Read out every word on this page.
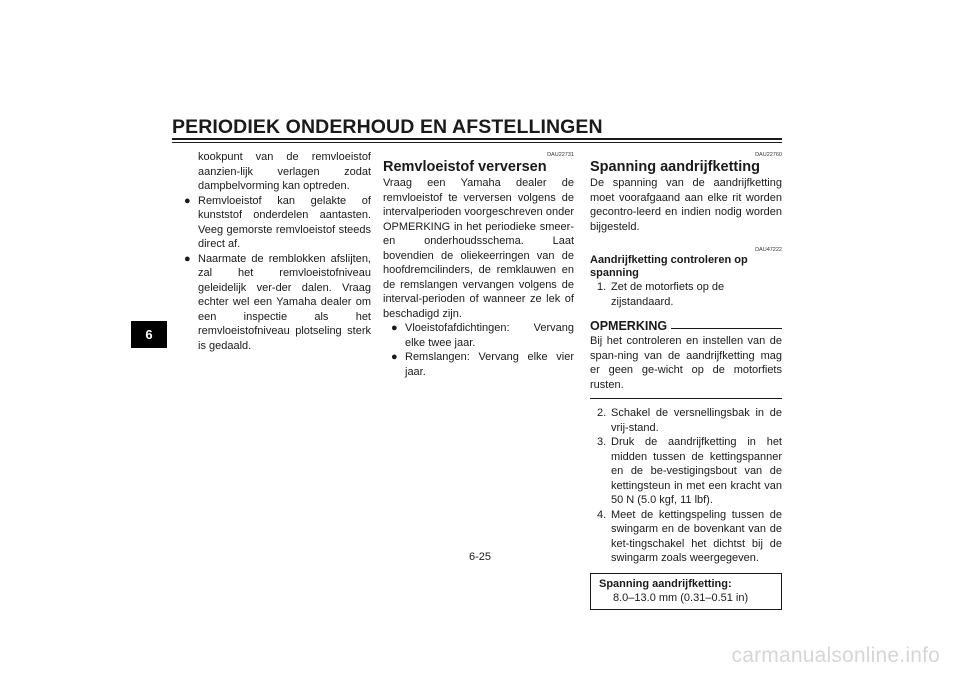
PERIODIEK ONDERHOUD EN AFSTELLINGEN
6
kookpunt van de remvloeistof aanzien-lijk verlagen zodat dampbelvorming kan optreden.
● Remvloeistof kan gelakte of kunststof onderdelen aantasten. Veeg gemorste remvloeistof steeds direct af.
● Naarmate de remblokken afslijten, zal het remvloeistofniveau geleidelijk ver-der dalen. Vraag echter wel een Yamaha dealer om een inspectie als het remvloeistofniveau plotseling sterk is gedaald.
DAU22731
Remvloeistof verversen
Vraag een Yamaha dealer de remvloeistof te verversen volgens de intervalperioden voorgeschreven onder OPMERKING in het periodieke smeer- en onderhoudsschema. Laat bovendien de oliekeerringen van de hoofdremcilinders, de remklauwen en de remslangen vervangen volgens de interval-perioden of wanneer ze lek of beschadigd zijn.
● Vloeistofafdichtingen: Vervang elke twee jaar.
● Remslangen: Vervang elke vier jaar.
DAU22760
Spanning aandrijfketting
De spanning van de aandrijfketting moet voorafgaand aan elke rit worden gecontro-leerd en indien nodig worden bijgesteld.
DAU47222
Aandrijfketting controleren op spanning
1. Zet de motorfiets op de zijstandaard.
OPMERKING
Bij het controleren en instellen van de span-ning van de aandrijfketting mag er geen ge-wicht op de motorfiets rusten.
2. Schakel de versnellingsbak in de vrij-stand.
3. Druk de aandrijfketting in het midden tussen de kettingspanner en de be-vestigingsbout van de kettingsteun in met een kracht van 50 N (5.0 kgf, 11 lbf).
4. Meet de kettingspeling tussen de swingarm en de bovenkant van de ket-tingschakel het dichtst bij de swingarm zoals weergegeven.
Spanning aandrijfketting:
8.0–13.0 mm (0.31–0.51 in)
6-25
carmanualsonline.info
